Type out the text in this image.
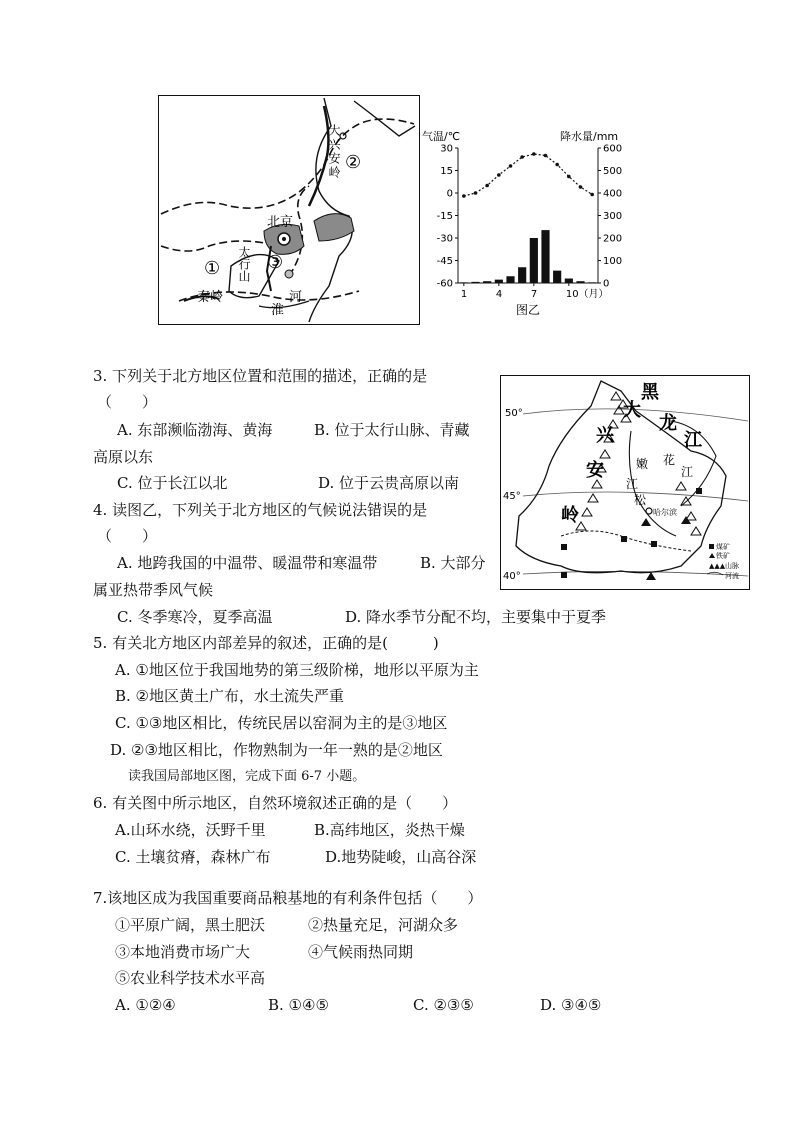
大兴安岭 ②
北京
太行山
①	③
秦岭
淮
河
气温/℃	降水量/mm
30
15
0
-15
-30
-45
-60
600
500
400
300
200
100
0
1	4	7	10（月）
图乙
50°
45°
40°
黑
大
龙
兴	江
安
岭
嫩
江
松
花
江
哈尔滨
煤矿
铁矿
▲▲▲ 山脉
河流
3. 下列关于北方地区位置和范围的描述，正确的是
（　　）
A. 东部濒临渤海、黄海	B. 位于太行山脉、青藏
高原以东
C. 位于长江以北	D. 位于云贵高原以南
4. 读图乙，下列关于北方地区的气候说法错误的是
（　　）
A. 地跨我国的中温带、暖温带和寒温带	B. 大部分
属亚热带季风气候
C. 冬季寒冷，夏季高温	D. 降水季节分配不均，主要集中于夏季
5. 有关北方地区内部差异的叙述，正确的是(　　　)
A. ①地区位于我国地势的第三级阶梯，地形以平原为主
B. ②地区黄土广布，水土流失严重
C. ①③地区相比，传统民居以窑洞为主的是③地区
D. ②③地区相比，作物熟制为一年一熟的是②地区
读我国局部地区图，完成下面 6-7 小题。
6. 有关图中所示地区，自然环境叙述正确的是（　　）
A.山环水绕，沃野千里	B.高纬地区，炎热干燥
C. 土壤贫瘠，森林广布	D.地势陡峻，山高谷深
7.该地区成为我国重要商品粮基地的有利条件包括（　　）
①平原广阔，黑土肥沃	②热量充足，河湖众多
③本地消费市场广大	④气候雨热同期
⑤农业科学技术水平高
A. ①②④	B. ①④⑤	C. ②③⑤	D. ③④⑤
